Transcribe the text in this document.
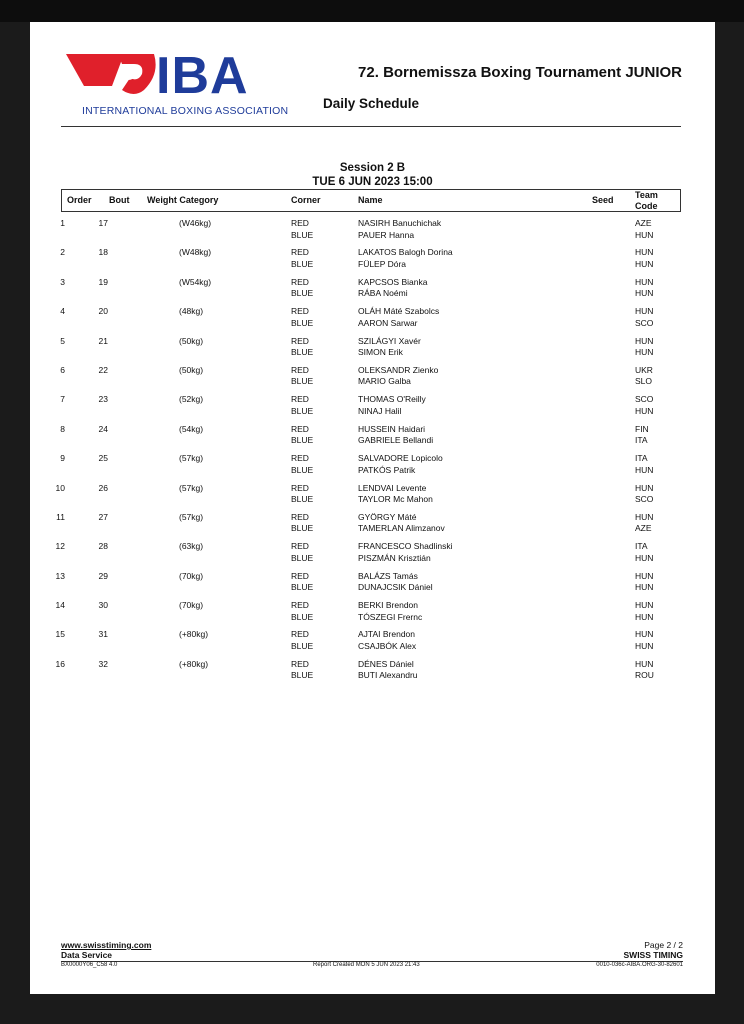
IBA
INTERNATIONAL BOXING ASSOCIATION
72. Bornemissza Boxing Tournament JUNIOR
Daily Schedule
Session 2 B
TUE 6 JUN 2023 15:00
Order Bout Weight Category	Corner	Name	Seed Team Code
1	17	(W46kg)	RED	NASIRH Banuchichak	AZE
BLUE	PAUER Hanna	HUN
2	18	(W48kg)	RED	LAKATOS Balogh Dorina	HUN
BLUE	FÜLEP Dóra	HUN
3	19	(W54kg)	RED	KAPCSOS Bianka	HUN
BLUE	RÁBA Noémi	HUN
4	20	(48kg)	RED	OLÁH Máté Szabolcs	HUN
BLUE	AARON Sarwar	SCO
5	21	(50kg)	RED	SZILÁGYI Xavér	HUN
BLUE	SIMON Erik	HUN
6	22	(50kg)	RED	OLEKSANDR Zienko	UKR
BLUE	MARIO Galba	SLO
7	23	(52kg)	RED	THOMAS O'Reilly	SCO
BLUE	NINAJ Halil	HUN
8	24	(54kg)	RED	HUSSEIN Haidari	FIN
BLUE	GABRIELE Bellandi	ITA
9	25	(57kg)	RED	SALVADORE Lopicolo	ITA
BLUE	PATKÓS Patrik	HUN
10	26	(57kg)	RED	LENDVAI Levente	HUN
BLUE	TAYLOR Mc Mahon	SCO
11	27	(57kg)	RED	GYÖRGY Máté	HUN
BLUE	TAMERLAN Alimzanov	AZE
12	28	(63kg)	RED	FRANCESCO Shadlinski	ITA
BLUE	PISZMÁN Krisztián	HUN
13	29	(70kg)	RED	BALÁZS Tamás	HUN
BLUE	DUNAJCSIK Dániel	HUN
14	30	(70kg)	RED	BERKI Brendon	HUN
BLUE	TÓSZEGI Frernc	HUN
15	31	(+80kg)	RED	AJTAI Brendon	HUN
BLUE	CSAJBÓK Alex	HUN
16	32	(+80kg)	RED	DÉNES Dániel	HUN
BLUE	BUTI Alexandru	ROU
www.swisstiming.com	Page 2 / 2
Data Service	SWISS TIMING
BX0000Y06_C58 4.0	Report Created MON 5 JUN 2023 21:43	0010-036c-AIBA.ORG-30-82601
